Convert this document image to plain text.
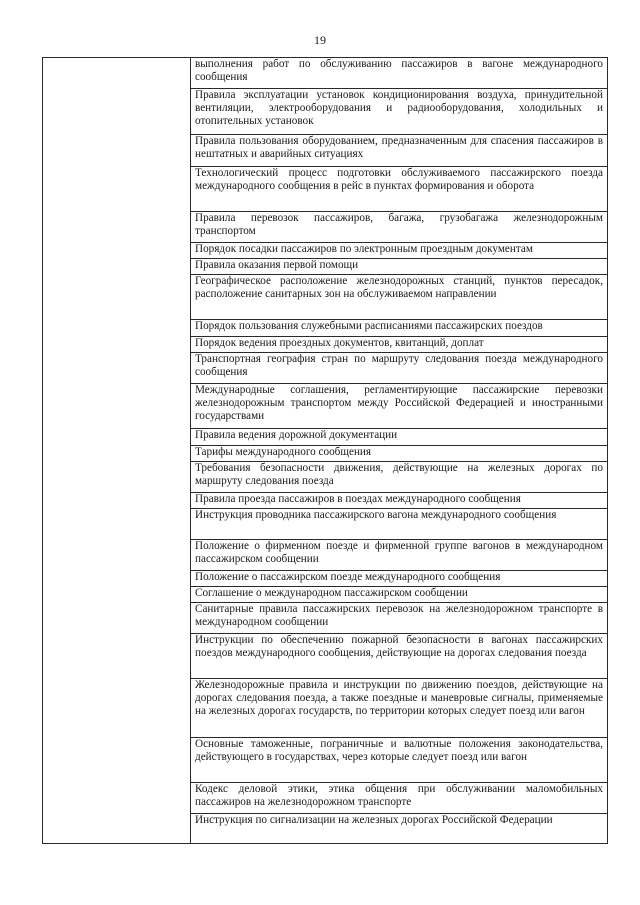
19
	выполнения работ по обслуживанию пассажиров в вагоне международного сообщения
Правила эксплуатации установок кондиционирования воздуха, принудительной вентиляции, электрооборудования и радиооборудования, холодильных и отопительных установок
Правила пользования оборудованием, предназначенным для спасения пассажиров в нештатных и аварийных ситуациях
Технологический процесс подготовки обслуживаемого пассажирского поезда международного сообщения в рейс в пунктах формирования и оборота
Правила перевозок пассажиров, багажа, грузобагажа железнодорожным транспортом
Порядок посадки пассажиров по электронным проездным документам
Правила оказания первой помощи
Географическое расположение железнодорожных станций, пунктов пересадок, расположение санитарных зон на обслуживаемом направлении
Порядок пользования служебными расписаниями пассажирских поездов
Порядок ведения проездных документов, квитанций, доплат
Транспортная география стран по маршруту следования поезда международного сообщения
Международные соглашения, регламентирующие пассажирские перевозки железнодорожным транспортом между Российской Федерацией и иностранными государствами
Правила ведения дорожной документации
Тарифы международного сообщения
Требования безопасности движения, действующие на железных дорогах по маршруту следования поезда
Правила проезда пассажиров в поездах международного сообщения
Инструкция проводника пассажирского вагона международного сообщения
Положение о фирменном поезде и фирменной группе вагонов в международном пассажирском сообщении
Положение о пассажирском поезде международного сообщения
Соглашение о международном пассажирском сообщении
Санитарные правила пассажирских перевозок на железнодорожном транспорте в международном сообщении
Инструкции по обеспечению пожарной безопасности в вагонах пассажирских поездов международного сообщения, действующие на дорогах следования поезда
Железнодорожные правила и инструкции по движению поездов, действующие на дорогах следования поезда, а также поездные и маневровые сигналы, применяемые на железных дорогах государств, по территории которых следует поезд или вагон
Основные таможенные, пограничные и валютные положения законодательства, действующего в государствах, через которые следует поезд или вагон
Кодекс деловой этики, этика общения при обслуживании маломобильных пассажиров на железнодорожном транспорте
Инструкция по сигнализации на железных дорогах Российской Федерации
